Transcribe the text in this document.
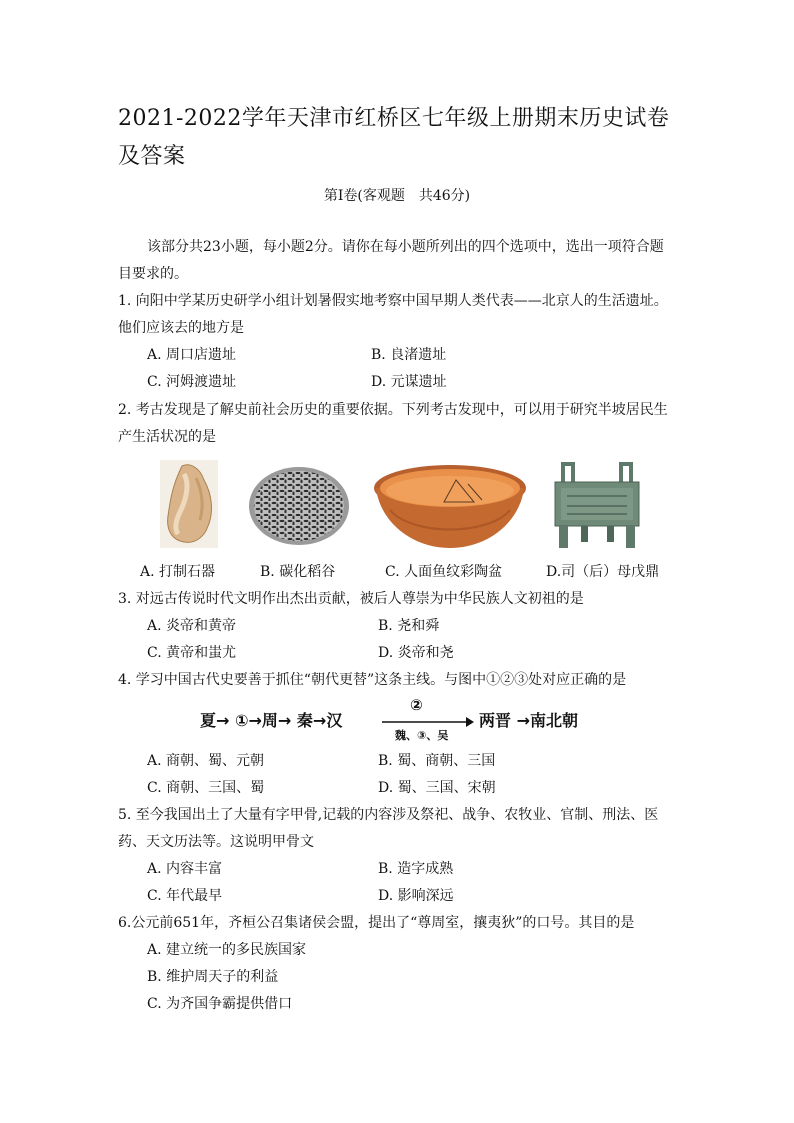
2021-2022学年天津市红桥区七年级上册期末历史试卷及答案
第Ⅰ卷(客观题　共46分)
该部分共23小题，每小题2分。请你在每小题所列出的四个选项中，选出一项符合题
目要求的。
1. 向阳中学某历史研学小组计划暑假实地考察中国早期人类代表——北京人的生活遗址。
他们应该去的地方是
A. 周口店遗址	B. 良渚遗址
C. 河姆渡遗址	D. 元谋遗址
2. 考古发现是了解史前社会历史的重要依据。下列考古发现中，可以用于研究半坡居民生
产生活状况的是
A. 打制石器	B. 碳化稻谷	C. 人面鱼纹彩陶盆	D.司（后）母戊鼎
3. 对远古传说时代文明作出杰出贡献，被后人尊崇为中华民族人文初祖的是
A. 炎帝和黄帝	B. 尧和舜
C. 黄帝和蚩尤	D. 炎帝和尧
4. 学习中国古代史要善于抓住“朝代更替”这条主线。与图中①②③处对应正确的是
夏→ ①→周→ 秦→汉
②
魏、③、吴
两晋 →南北朝
A. 商朝、蜀、元朝	B. 蜀、商朝、三国
C. 商朝、三国、蜀	D. 蜀、三国、宋朝
5. 至今我国出土了大量有字甲骨,记载的内容涉及祭祀、战争、农牧业、官制、刑法、医
药、天文历法等。这说明甲骨文
A. 内容丰富	B. 造字成熟
C. 年代最早	D. 影响深远
6.公元前651年，齐桓公召集诸侯会盟，提出了“尊周室，攘夷狄”的口号。其目的是
A. 建立统一的多民族国家
B. 维护周天子的利益
C. 为齐国争霸提供借口
